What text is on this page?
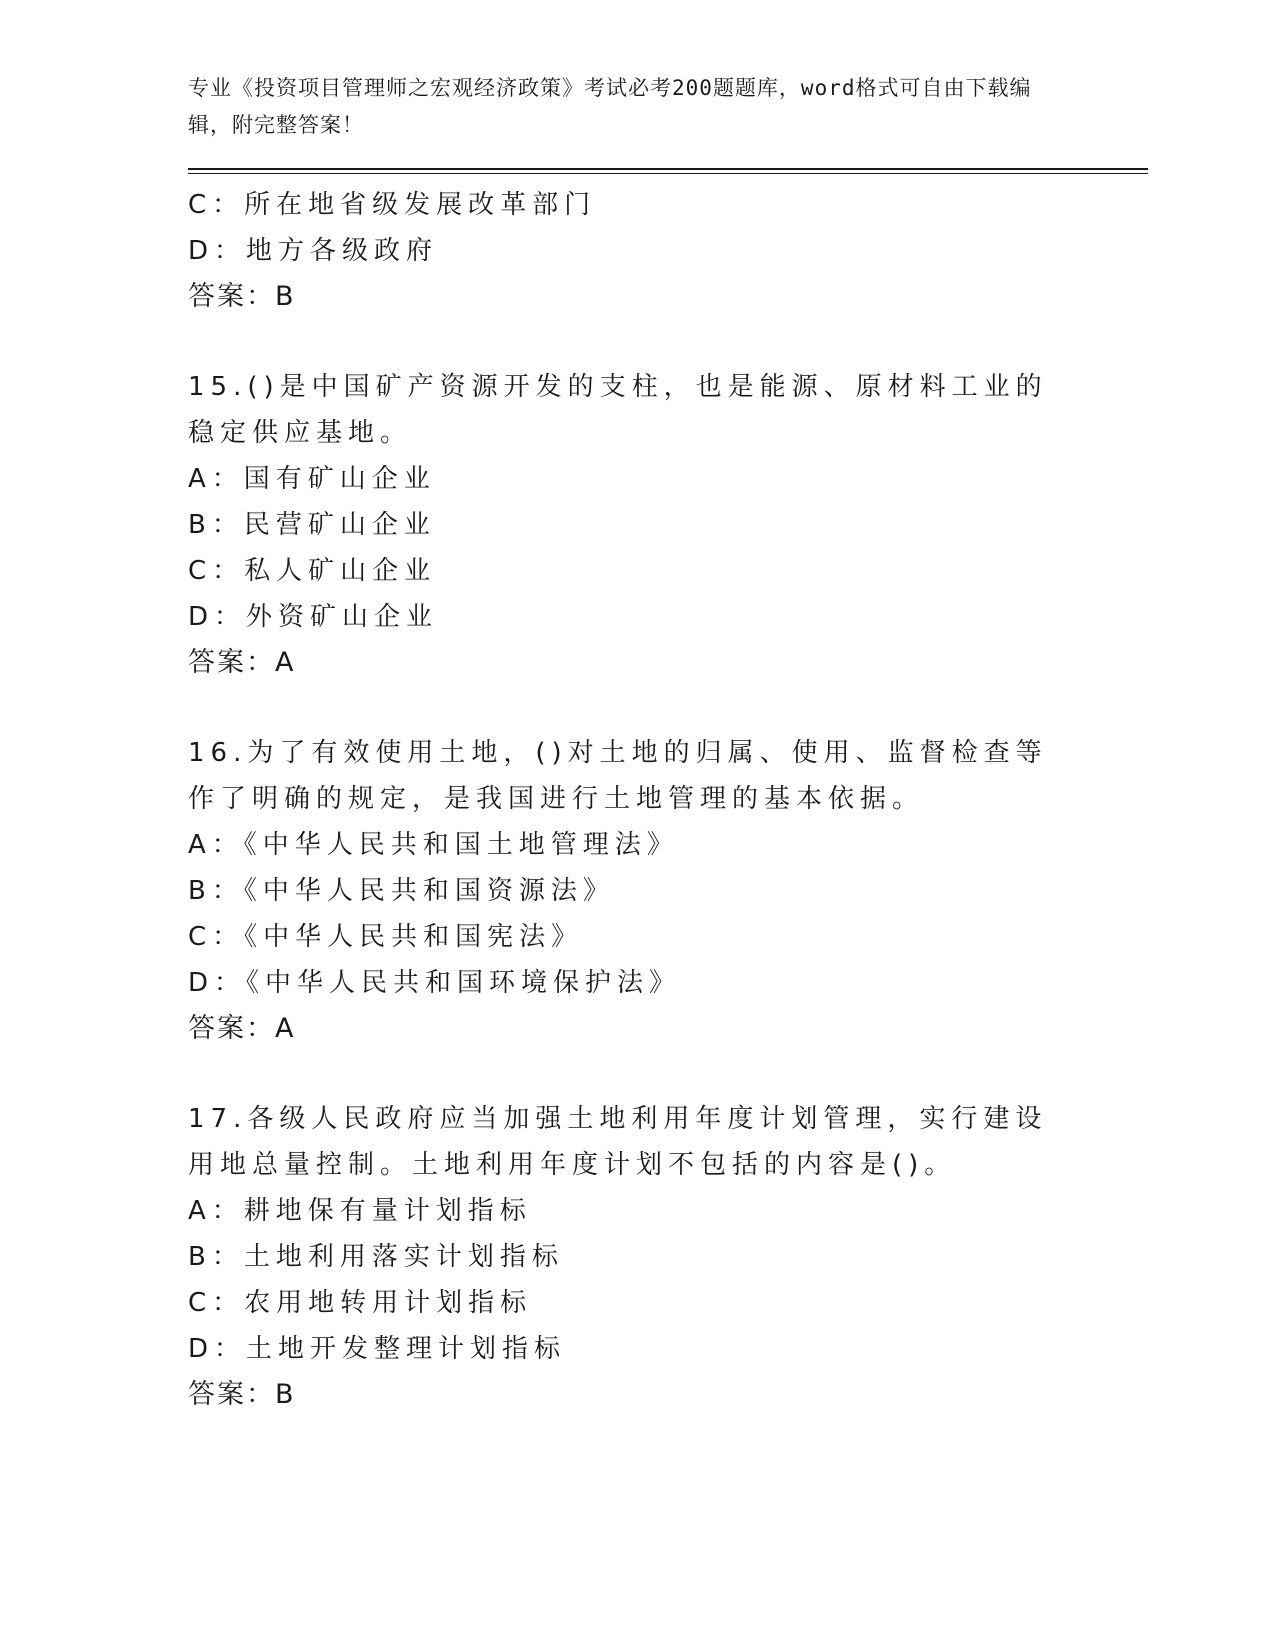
专业《投资项目管理师之宏观经济政策》考试必考200题题库，word格式可自由下载编辑，附完整答案！

C：所在地省级发展改革部门
D：地方各级政府
答案：B
15.()是中国矿产资源开发的支柱，也是能源、原材料工业的稳定供应基地。
A：国有矿山企业
B：民营矿山企业
C：私人矿山企业
D：外资矿山企业
答案：A
16.为了有效使用土地，()对土地的归属、使用、监督检查等作了明确的规定，是我国进行土地管理的基本依据。
A：《中华人民共和国土地管理法》
B：《中华人民共和国资源法》
C：《中华人民共和国宪法》
D：《中华人民共和国环境保护法》
答案：A
17.各级人民政府应当加强土地利用年度计划管理，实行建设用地总量控制。土地利用年度计划不包括的内容是()。
A：耕地保有量计划指标
B：土地利用落实计划指标
C：农用地转用计划指标
D：土地开发整理计划指标
答案：B
